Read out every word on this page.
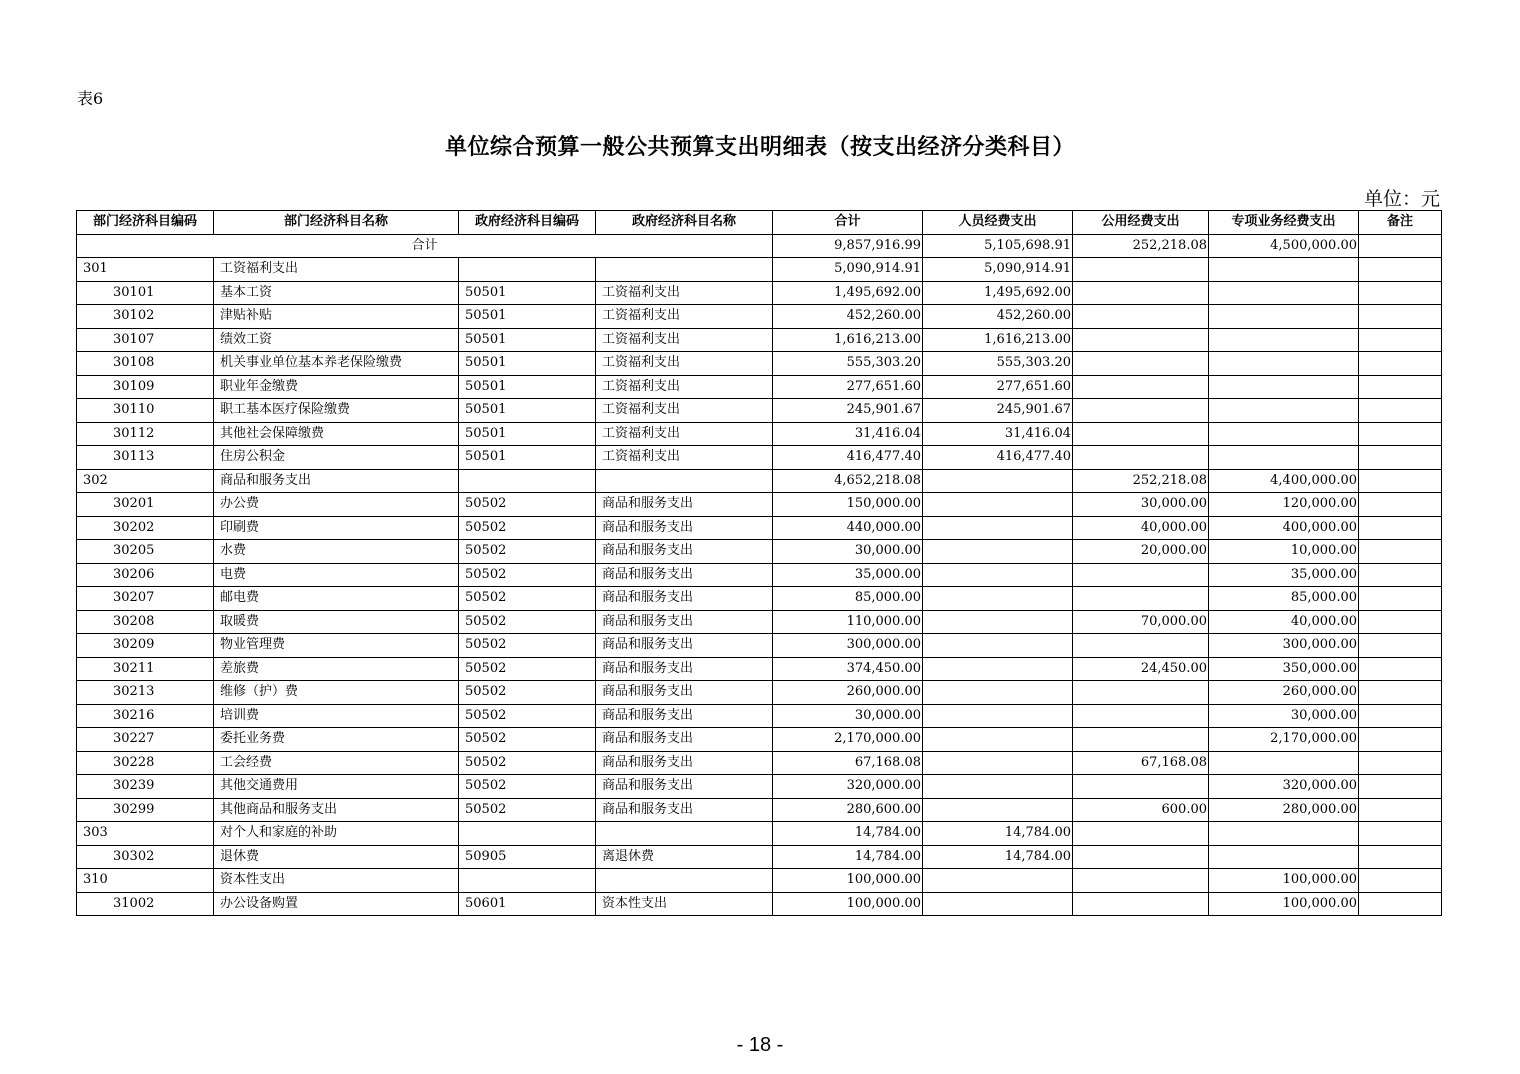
表6
单位综合预算一般公共预算支出明细表（按支出经济分类科目）
单位：元
部门经济科目编码	部门经济科目名称	政府经济科目编码	政府经济科目名称	合计	人员经费支出	公用经费支出	专项业务经费支出	备注
合计				9,857,916.99	5,105,698.91	252,218.08	4,500,000.00	
301	工资福利支出			5,090,914.91	5,090,914.91			
30101	基本工资	50501	工资福利支出	1,495,692.00	1,495,692.00			
30102	津贴补贴	50501	工资福利支出	452,260.00	452,260.00			
30107	绩效工资	50501	工资福利支出	1,616,213.00	1,616,213.00			
30108	机关事业单位基本养老保险缴费	50501	工资福利支出	555,303.20	555,303.20			
30109	职业年金缴费	50501	工资福利支出	277,651.60	277,651.60			
30110	职工基本医疗保险缴费	50501	工资福利支出	245,901.67	245,901.67			
30112	其他社会保障缴费	50501	工资福利支出	31,416.04	31,416.04			
30113	住房公积金	50501	工资福利支出	416,477.40	416,477.40			
302	商品和服务支出			4,652,218.08		252,218.08	4,400,000.00	
30201	办公费	50502	商品和服务支出	150,000.00		30,000.00	120,000.00	
30202	印刷费	50502	商品和服务支出	440,000.00		40,000.00	400,000.00	
30205	水费	50502	商品和服务支出	30,000.00		20,000.00	10,000.00	
30206	电费	50502	商品和服务支出	35,000.00			35,000.00	
30207	邮电费	50502	商品和服务支出	85,000.00			85,000.00	
30208	取暖费	50502	商品和服务支出	110,000.00		70,000.00	40,000.00	
30209	物业管理费	50502	商品和服务支出	300,000.00			300,000.00	
30211	差旅费	50502	商品和服务支出	374,450.00		24,450.00	350,000.00	
30213	维修（护）费	50502	商品和服务支出	260,000.00			260,000.00	
30216	培训费	50502	商品和服务支出	30,000.00			30,000.00	
30227	委托业务费	50502	商品和服务支出	2,170,000.00			2,170,000.00	
30228	工会经费	50502	商品和服务支出	67,168.08		67,168.08		
30239	其他交通费用	50502	商品和服务支出	320,000.00			320,000.00	
30299	其他商品和服务支出	50502	商品和服务支出	280,600.00		600.00	280,000.00	
303	对个人和家庭的补助			14,784.00	14,784.00			
30302	退休费	50905	离退休费	14,784.00	14,784.00			
310	资本性支出			100,000.00			100,000.00	
31002	办公设备购置	50601	资本性支出	100,000.00			100,000.00	
- 18 -
